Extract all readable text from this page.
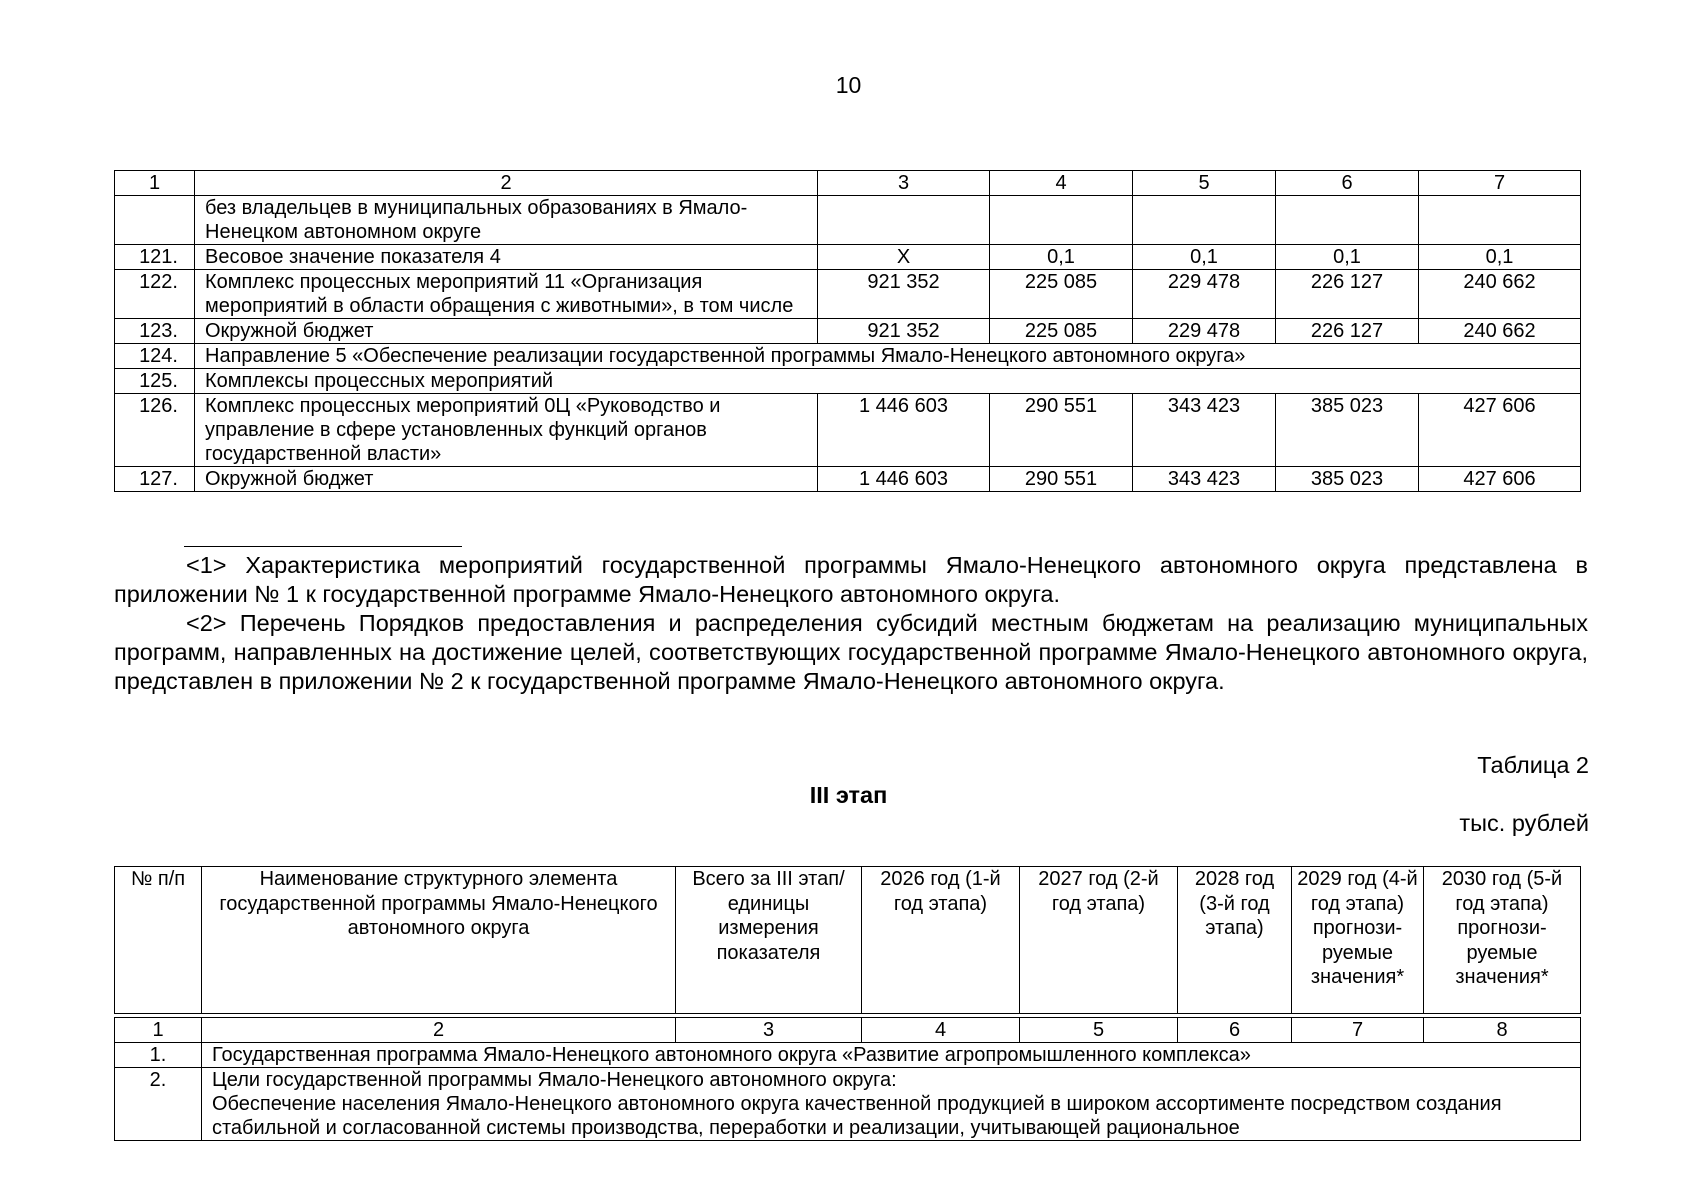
10
1	2	3	4	5	6	7
	без владельцев в муниципальных образованиях в Ямало-Ненецком автономном округе					
121.	Весовое значение показателя 4	Х	0,1	0,1	0,1	0,1
122.	Комплекс процессных мероприятий 11 «Организация мероприятий в области обращения с животными», в том числе	921 352	225 085	229 478	226 127	240 662
123.	Окружной бюджет	921 352	225 085	229 478	226 127	240 662
124.	Направление 5 «Обеспечение реализации государственной программы Ямало-Ненецкого автономного округа»					
125.	Комплексы процессных мероприятий					
126.	Комплекс процессных мероприятий 0Ц «Руководство и управление в сфере установленных функций органов государственной власти»	1 446 603	290 551	343 423	385 023	427 606
127.	Окружной бюджет	1 446 603	290 551	343 423	385 023	427 606

<1> Характеристика мероприятий государственной программы Ямало-Ненецкого автономного округа представлена в приложении № 1 к государственной программе Ямало-Ненецкого автономного округа.

<2> Перечень Порядков предоставления и распределения субсидий местным бюджетам на реализацию муниципальных программ, направленных на достижение целей, соответствующих государственной программе Ямало-Ненецкого автономного округа, представлен в приложении № 2 к государственной программе Ямало-Ненецкого автономного округа.

Таблица 2
III этап
тыс. рублей
№ п/п	Наименование структурного элемента государственной программы Ямало-Ненецкого автономного округа	Всего за III этап/ единицы измерения показателя	2026 год (1-й год этапа)	2027 год (2-й год этапа)	2028 год (3-й год этапа)	2029 год (4-й год этапа) прогнози-руемые значения*	2030 год (5-й год этапа) прогнози-руемые значения*
1	2	3	4	5	6	7	8
1.	Государственная программа Ямало-Ненецкого автономного округа «Развитие агропромышленного комплекса»						
2.	Цели государственной программы Ямало-Ненецкого автономного округа:
Обеспечение населения Ямало-Ненецкого автономного округа качественной продукцией в широком ассортименте посредством создания стабильной и согласованной системы производства, переработки и реализации, учитывающей рациональное						
